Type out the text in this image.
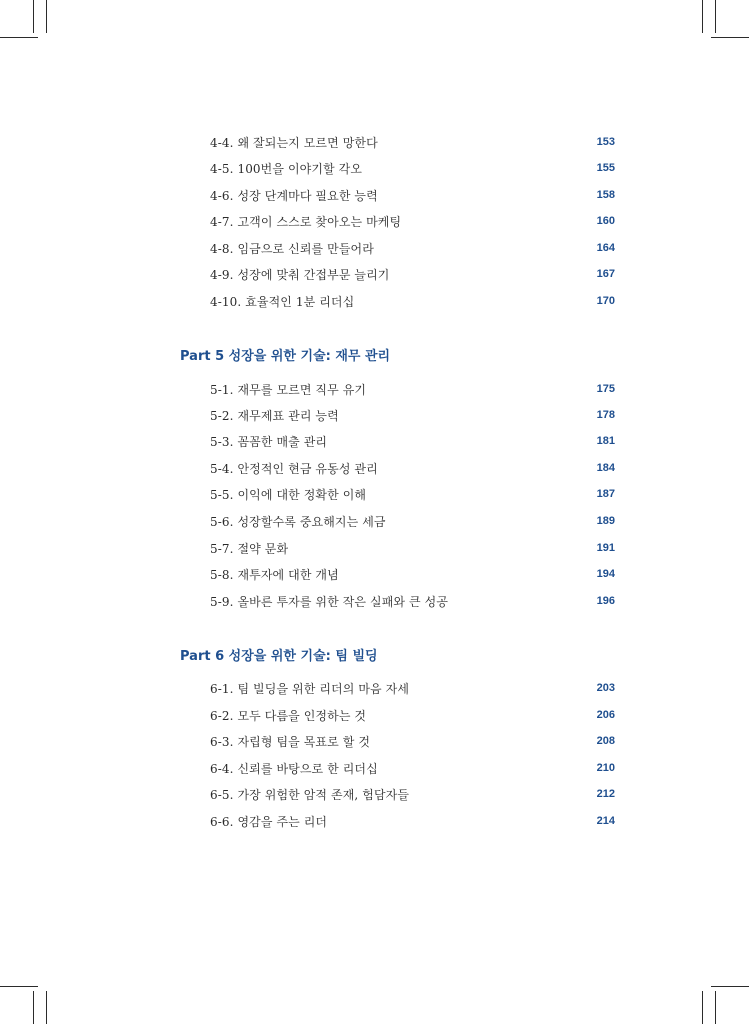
4-4. 왜 잘되는지 모르면 망한다	153
4-5. 100번을 이야기할 각오	155
4-6. 성장 단계마다 필요한 능력	158
4-7. 고객이 스스로 찾아오는 마케팅	160
4-8. 임금으로 신뢰를 만들어라	164
4-9. 성장에 맞춰 간접부문 늘리기	167
4-10. 효율적인 1분 리더십	170
Part 5 성장을 위한 기술: 재무 관리
5-1. 재무를 모르면 직무 유기	175
5-2. 재무제표 관리 능력	178
5-3. 꼼꼼한 매출 관리	181
5-4. 안정적인 현금 유동성 관리	184
5-5. 이익에 대한 정확한 이해	187
5-6. 성장할수록 중요해지는 세금	189
5-7. 절약 문화	191
5-8. 재투자에 대한 개념	194
5-9. 올바른 투자를 위한 작은 실패와 큰 성공	196
Part 6 성장을 위한 기술: 팀 빌딩
6-1. 팀 빌딩을 위한 리더의 마음 자세	203
6-2. 모두 다름을 인정하는 것	206
6-3. 자립형 팀을 목표로 할 것	208
6-4. 신뢰를 바탕으로 한 리더십	210
6-5. 가장 위험한 암적 존재, 험담자들	212
6-6. 영감을 주는 리더	214
